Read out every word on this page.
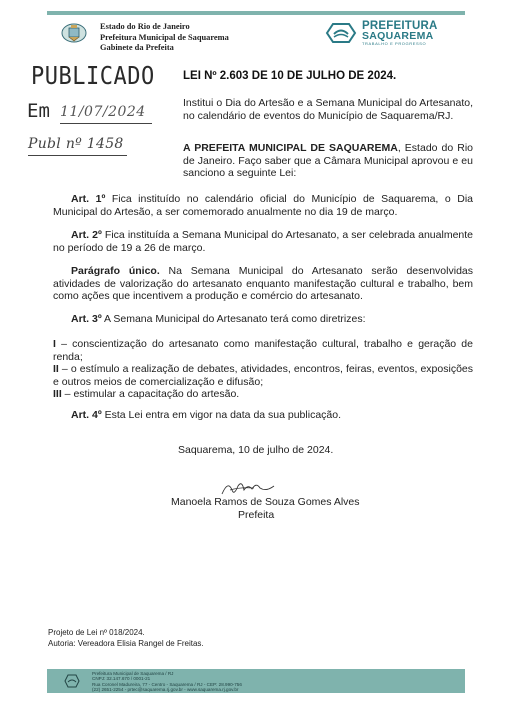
Estado do Rio de Janeiro
Prefeitura Municipal de Saquarema
Gabinete da Prefeita
PREFEITURA
SAQUAREMA
TRABALHO E PROGRESSO
PUBLICADO
Em 11/07/2024
Publ nº 1458
LEI Nº 2.603 DE 10 DE JULHO DE 2024.
Institui o Dia do Artesão e a Semana Municipal do Artesanato, no calendário de eventos do Município de Saquarema/RJ.
A PREFEITA MUNICIPAL DE SAQUAREMA, Estado do Rio de Janeiro. Faço saber que a Câmara Municipal aprovou e eu sanciono a seguinte Lei:
Art. 1º Fica instituído no calendário oficial do Município de Saquarema, o Dia Municipal do Artesão, a ser comemorado anualmente no dia 19 de março.
Art. 2º Fica instituída a Semana Municipal do Artesanato, a ser celebrada anualmente no período de 19 a 26 de março.
Parágrafo único. Na Semana Municipal do Artesanato serão desenvolvidas atividades de valorização do artesanato enquanto manifestação cultural e trabalho, bem como ações que incentivem a produção e comércio do artesanato.
Art. 3º A Semana Municipal do Artesanato terá como diretrizes:
I – conscientização do artesanato como manifestação cultural, trabalho e geração de renda;
II – o estímulo a realização de debates, atividades, encontros, feiras, eventos, exposições e outros meios de comercialização e difusão;
III – estimular a capacitação do artesão.
Art. 4º Esta Lei entra em vigor na data da sua publicação.
Saquarema, 10 de julho de 2024.
Manoela Ramos de Souza Gomes Alves
Prefeita
Projeto de Lei nº 018/2024.
Autoria: Vereadora Elisia Rangel de Freitas.
Prefeitura Municipal de Saquarema / RJ
CNPJ: 32.147.670 / 0001-21
Rua Coronel Madureira, 77 - Centro - Saquarema / RJ - CEP: 28.990-756
(22) 2651-2254 - prtec@saquarema.rj.gov.br - www.saquarema.rj.gov.br
